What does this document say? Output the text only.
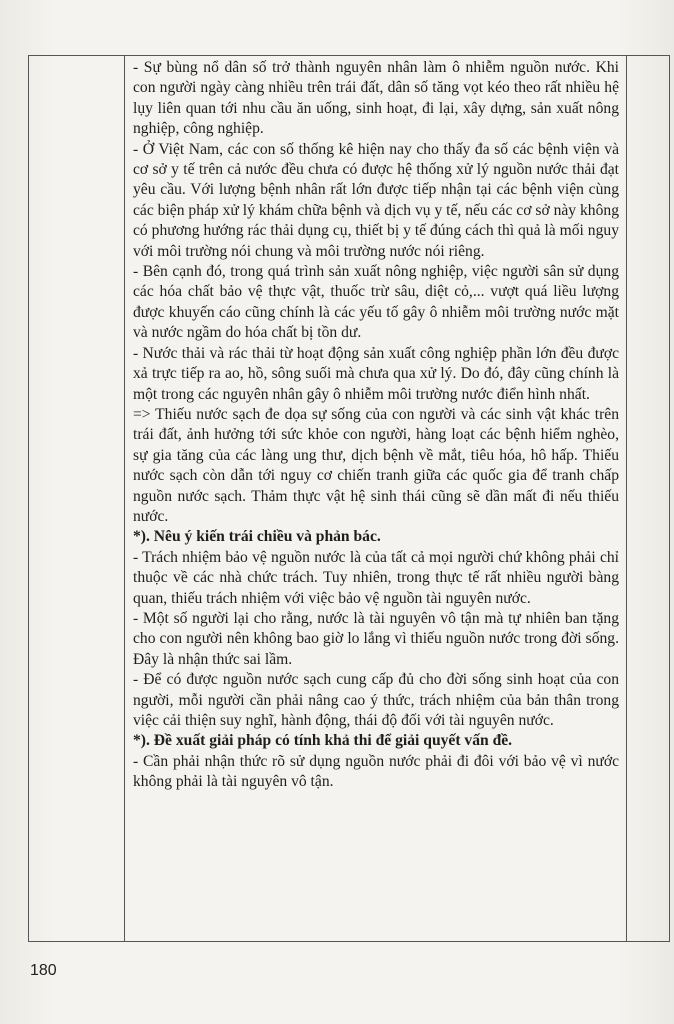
- Sự bùng nổ dân số trở thành nguyên nhân làm ô nhiễm nguồn nước. Khi con người ngày càng nhiều trên trái đất, dân số tăng vọt kéo theo rất nhiều hệ lụy liên quan tới nhu cầu ăn uống, sinh hoạt, đi lại, xây dựng, sản xuất nông nghiệp, công nghiệp.

- Ở Việt Nam, các con số thống kê hiện nay cho thấy đa số các bệnh viện và cơ sở y tế trên cả nước đều chưa có được hệ thống xử lý nguồn nước thải đạt yêu cầu. Với lượng bệnh nhân rất lớn được tiếp nhận tại các bệnh viện cùng các biện pháp xử lý khám chữa bệnh và dịch vụ y tế, nếu các cơ sở này không có phương hướng rác thải dụng cụ, thiết bị y tế đúng cách thì quả là mối nguy với môi trường nói chung và môi trường nước nói riêng.

- Bên cạnh đó, trong quá trình sản xuất nông nghiệp, việc người sân sử dụng các hóa chất bảo vệ thực vật, thuốc trừ sâu, diệt cỏ,... vượt quá liều lượng được khuyến cáo cũng chính là các yếu tố gây ô nhiễm môi trường nước mặt và nước ngầm do hóa chất bị tồn dư.

- Nước thải và rác thải từ hoạt động sản xuất công nghiệp phần lớn đều được xả trực tiếp ra ao, hồ, sông suối mà chưa qua xử lý. Do đó, đây cũng chính là một trong các nguyên nhân gây ô nhiễm môi trường nước điển hình nhất.

=> Thiếu nước sạch đe dọa sự sống của con người và các sinh vật khác trên trái đất, ảnh hưởng tới sức khỏe con người, hàng loạt các bệnh hiểm nghèo, sự gia tăng của các làng ung thư, dịch bệnh về mắt, tiêu hóa, hô hấp. Thiếu nước sạch còn dẫn tới nguy cơ chiến tranh giữa các quốc gia để tranh chấp nguồn nước sạch. Thảm thực vật hệ sinh thái cũng sẽ dần mất đi nếu thiếu nước.

*). Nêu ý kiến trái chiều và phản bác.

- Trách nhiệm bảo vệ nguồn nước là của tất cả mọi người chứ không phải chỉ thuộc về các nhà chức trách. Tuy nhiên, trong thực tế rất nhiều người bàng quan, thiếu trách nhiệm với việc bảo vệ nguồn tài nguyên nước.

- Một số người lại cho rằng, nước là tài nguyên vô tận mà tự nhiên ban tặng cho con người nên không bao giờ lo lắng vì thiếu nguồn nước trong đời sống. Đây là nhận thức sai lầm.

- Để có được nguồn nước sạch cung cấp đủ cho đời sống sinh hoạt của con người, mỗi người cần phải nâng cao ý thức, trách nhiệm của bản thân trong việc cải thiện suy nghĩ, hành động, thái độ đối với tài nguyên nước.

*). Đề xuất giải pháp có tính khả thi để giải quyết vấn đề.

- Cần phải nhận thức rõ sử dụng nguồn nước phải đi đôi với bảo vệ vì nước không phải là tài nguyên vô tận.

180
